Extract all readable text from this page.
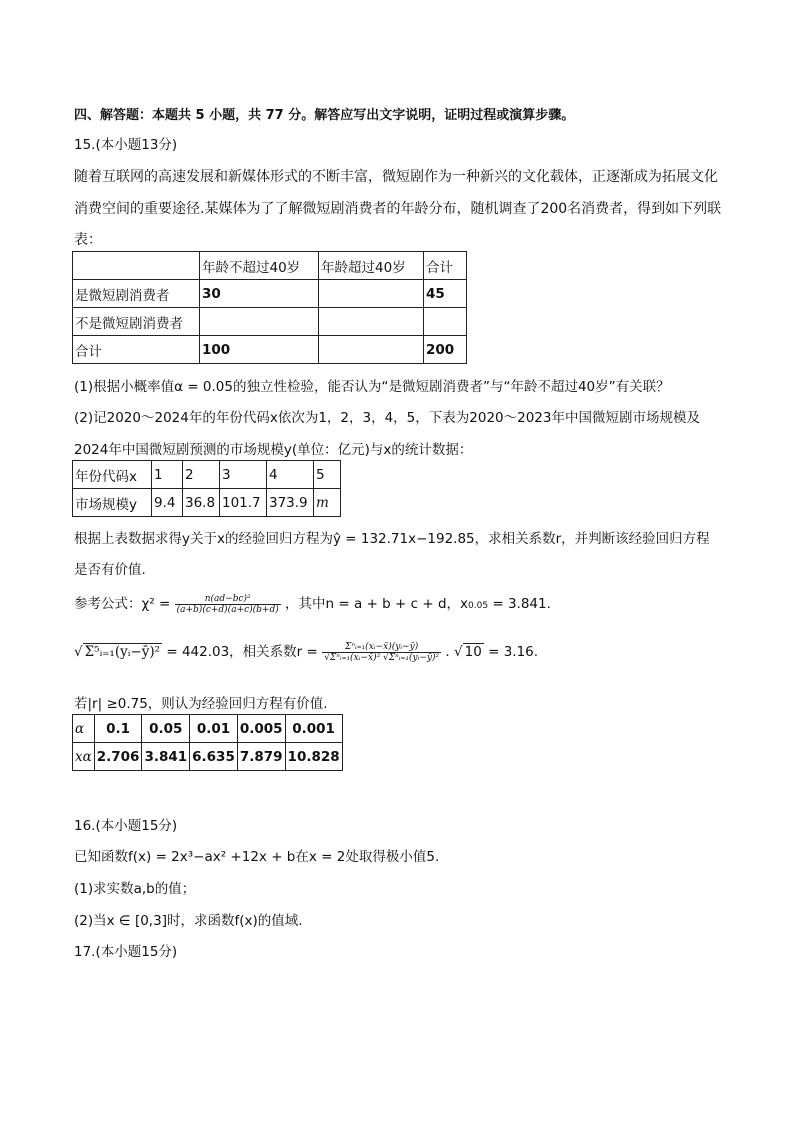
四、解答题：本题共 5 小题，共 77 分。解答应写出文字说明，证明过程或演算步骤。
15.(本小题13分)
随着互联网的高速发展和新媒体形式的不断丰富，微短剧作为一种新兴的文化载体，正逐渐成为拓展文化
消费空间的重要途径.某媒体为了了解微短剧消费者的年龄分布，随机调查了200名消费者，得到如下列联
表：
	年龄不超过40岁	年龄超过40岁	合计
是微短剧消费者	30		45
不是微短剧消费者			
合计	100		200
(1)根据小概率值α = 0.05的独立性检验，能否认为“是微短剧消费者”与“年龄不超过40岁”有关联？
(2)记2020～2024年的年份代码x依次为1，2，3，4，5，下表为2020～2023年中国微短剧市场规模及
2024年中国微短剧预测的市场规模y(单位：亿元)与x的统计数据：
年份代码x	1	2	3	4	5
市场规模y	9.4	36.8	101.7	373.9	m
根据上表数据求得y关于x的经验回归方程为ŷ = 132.71x−192.85，求相关系数r，并判断该经验回归方程
是否有价值.
参考公式：$\chi^2 = \frac{\text{n(ad−bc)²}}{(a+b)(c+d)(a+c)(b+d)}$ ，其中n = a + b + c + d，x0.05 = 3.841.
√ Σ⁵ᵢ₌₁(yᵢ−ȳ)² = 442.03，相关系数$r = \frac{\text{Σⁿᵢ₌₁(xᵢ−x̄)(yᵢ−ȳ)}}{\text{√Σⁿᵢ₌₁(xᵢ−x̄)² √Σⁿᵢ₌₁(yᵢ−ȳ)²}}$ . √ 10 = 3.16.
若|r| ≥0.75，则认为经验回归方程有价值.
α	0.1	0.05	0.01	0.005	0.001
xα	2.706	3.841	6.635	7.879	10.828
16.(本小题15分)
已知函数f(x) = 2x³−ax² +12x + b在x = 2处取得极小值5.
(1)求实数a,b的值；
(2)当x ∈ [0,3]时，求函数f(x)的值域.
17.(本小题15分)
